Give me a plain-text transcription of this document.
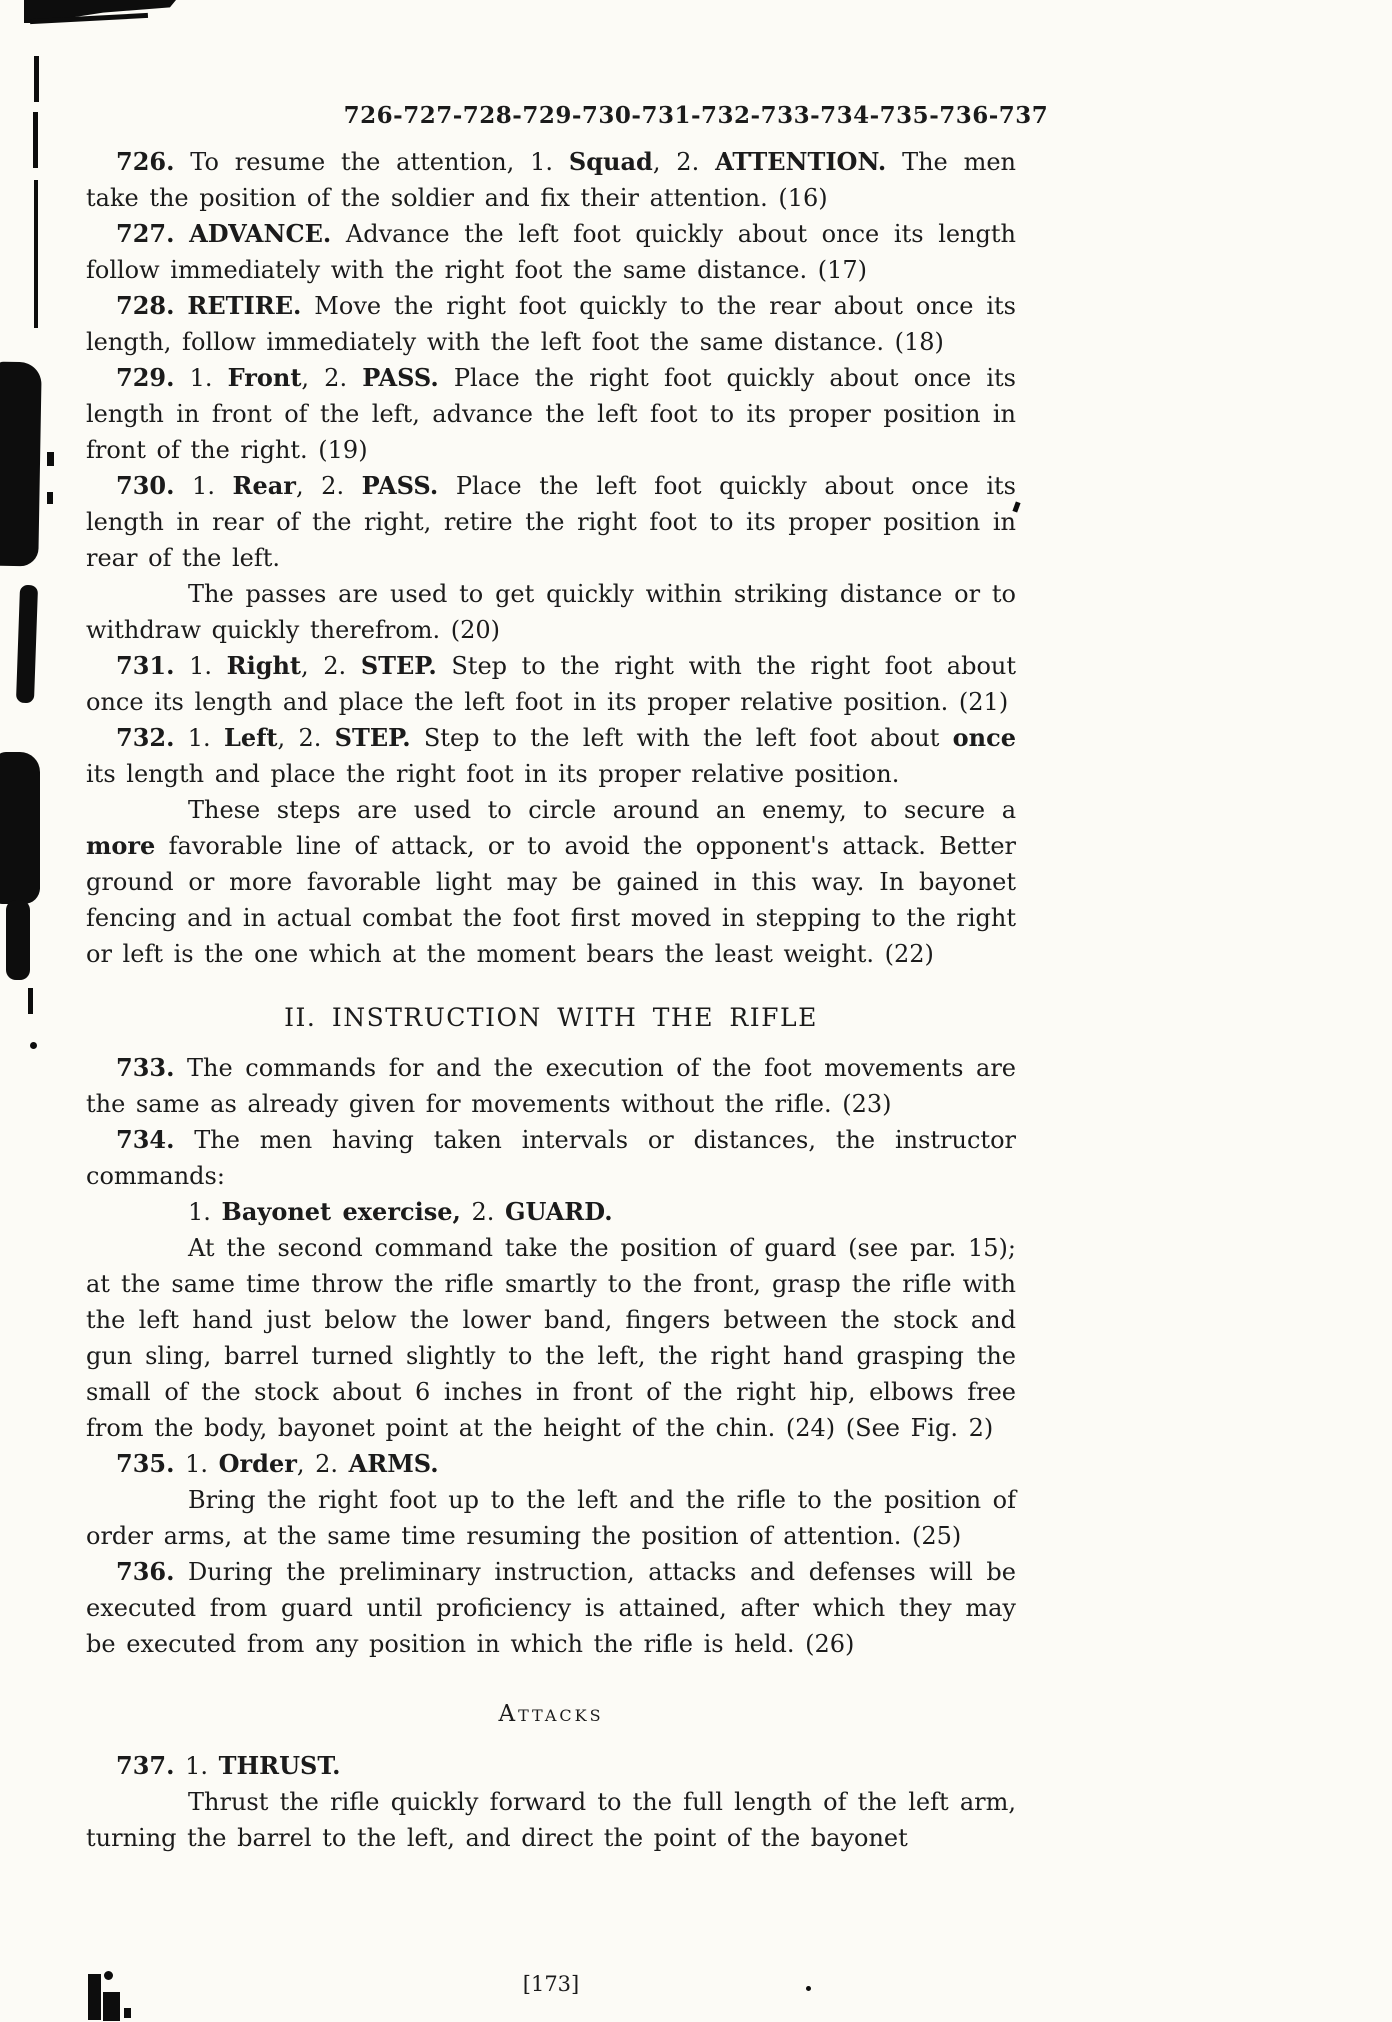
726-727-728-729-730-731-732-733-734-735-736-737

726. To resume the attention, 1. Squad, 2. ATTENTION. The men take the position of the soldier and fix their attention. (16)

727. ADVANCE. Advance the left foot quickly about once its length follow immediately with the right foot the same distance. (17)

728. RETIRE. Move the right foot quickly to the rear about once its length, follow immediately with the left foot the same distance. (18)

729. 1. Front, 2. PASS. Place the right foot quickly about once its length in front of the left, advance the left foot to its proper position in front of the right. (19)

730. 1. Rear, 2. PASS. Place the left foot quickly about once its length in rear of the right, retire the right foot to its proper position in rear of the left.

The passes are used to get quickly within striking distance or to withdraw quickly therefrom. (20)

731. 1. Right, 2. STEP. Step to the right with the right foot about once its length and place the left foot in its proper relative position. (21)

732. 1. Left, 2. STEP. Step to the left with the left foot about once its length and place the right foot in its proper relative position.

These steps are used to circle around an enemy, to secure a more favorable line of attack, or to avoid the opponent's attack. Better ground or more favorable light may be gained in this way. In bayonet fencing and in actual combat the foot first moved in stepping to the right or left is the one which at the moment bears the least weight. (22)

II. INSTRUCTION WITH THE RIFLE

733. The commands for and the execution of the foot movements are the same as already given for movements without the rifle. (23)

734. The men having taken intervals or distances, the instructor commands:

1. Bayonet exercise, 2. GUARD.

At the second command take the position of guard (see par. 15); at the same time throw the rifle smartly to the front, grasp the rifle with the left hand just below the lower band, fingers between the stock and gun sling, barrel turned slightly to the left, the right hand grasping the small of the stock about 6 inches in front of the right hip, elbows free from the body, bayonet point at the height of the chin. (24) (See Fig. 2)

735. 1. Order, 2. ARMS.

Bring the right foot up to the left and the rifle to the position of order arms, at the same time resuming the position of attention. (25)

736. During the preliminary instruction, attacks and defenses will be executed from guard until proficiency is attained, after which they may be executed from any position in which the rifle is held. (26)

Attacks

737. 1. THRUST.

Thrust the rifle quickly forward to the full length of the left arm, turning the barrel to the left, and direct the point of the bayonet

[173]
